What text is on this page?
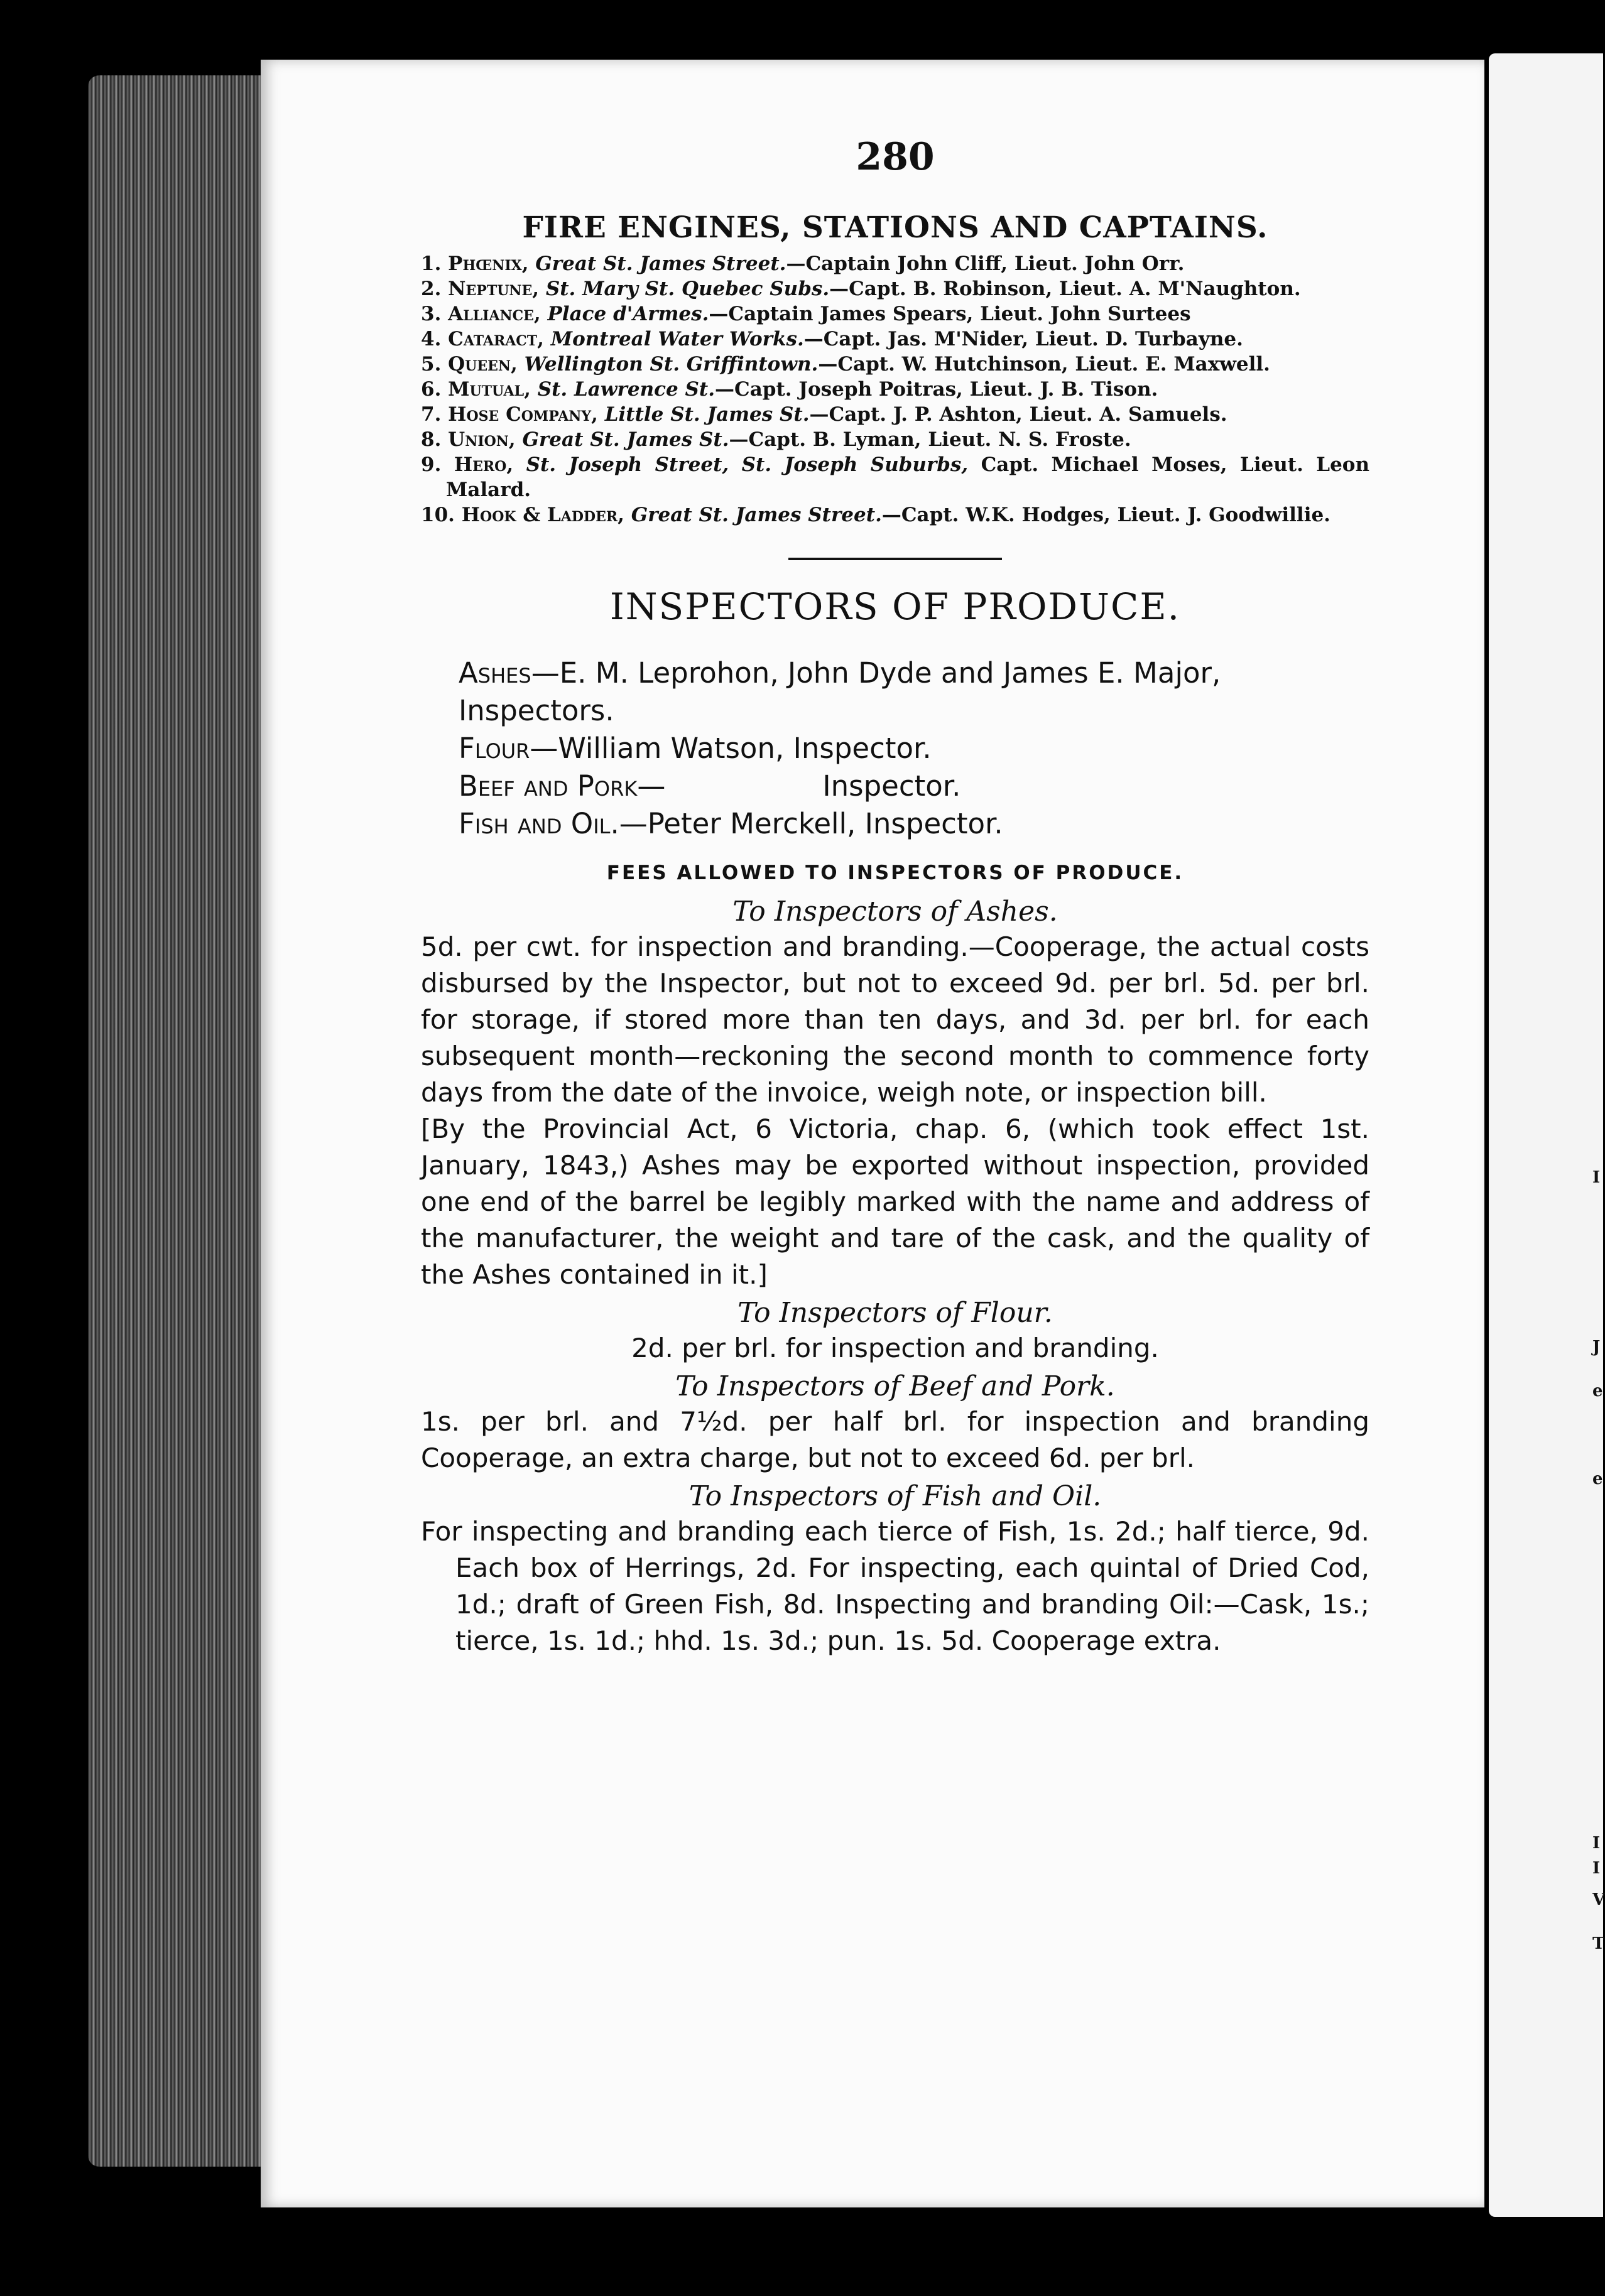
I
J
e
e
I
I
V
T
280
FIRE ENGINES, STATIONS AND CAPTAINS.
1. Phœnix, Great St. James Street.—Captain John Cliff, Lieut. John Orr.
2. Neptune, St. Mary St. Quebec Subs.—Capt. B. Robinson, Lieut. A. M'Naughton.
3. Alliance, Place d'Armes.—Captain James Spears, Lieut. John Surtees
4. Cataract, Montreal Water Works.—Capt. Jas. M'Nider, Lieut. D. Turbayne.
5. Queen, Wellington St. Griffintown.—Capt. W. Hutchinson, Lieut. E. Maxwell.
6. Mutual, St. Lawrence St.—Capt. Joseph Poitras, Lieut. J. B. Tison.
7. Hose Company, Little St. James St.—Capt. J. P. Ashton, Lieut. A. Samuels.
8. Union, Great St. James St.—Capt. B. Lyman, Lieut. N. S. Froste.
9. Hero, St. Joseph Street, St. Joseph Suburbs, Capt. Michael Moses, Lieut. Leon Malard.
10. Hook & Ladder, Great St. James Street.—Capt. W.K. Hodges, Lieut. J. Goodwillie.
INSPECTORS OF PRODUCE.

Ashes—E. M. Leprohon, John Dyde and James E. Major, Inspectors.

Flour—William Watson, Inspector.

Beef and Pork—	Inspector.

Fish and Oil.—Peter Merckell, Inspector.

FEES ALLOWED TO INSPECTORS OF PRODUCE.
To Inspectors of Ashes.

5d. per cwt. for inspection and branding.—Cooperage, the actual costs disbursed by the Inspector, but not to exceed 9d. per brl. 5d. per brl. for storage, if stored more than ten days, and 3d. per brl. for each subsequent month—reckoning the second month to commence forty days from the date of the invoice, weigh note, or inspection bill.

[By the Provincial Act, 6 Victoria, chap. 6, (which took effect 1st. January, 1843,) Ashes may be exported without inspection, provided one end of the barrel be legibly marked with the name and address of the manufacturer, the weight and tare of the cask, and the quality of the Ashes contained in it.]

To Inspectors of Flour.

2d. per brl. for inspection and branding.

To Inspectors of Beef and Pork.

1s. per brl. and 7½d. per half brl. for inspection and branding Cooperage, an extra charge, but not to exceed 6d. per brl.

To Inspectors of Fish and Oil.

For inspecting and branding each tierce of Fish, 1s. 2d.; half tierce, 9d. Each box of Herrings, 2d. For inspecting, each quintal of Dried Cod, 1d.; draft of Green Fish, 8d. Inspecting and branding Oil:—Cask, 1s.; tierce, 1s. 1d.; hhd. 1s. 3d.; pun. 1s. 5d. Cooperage extra.
